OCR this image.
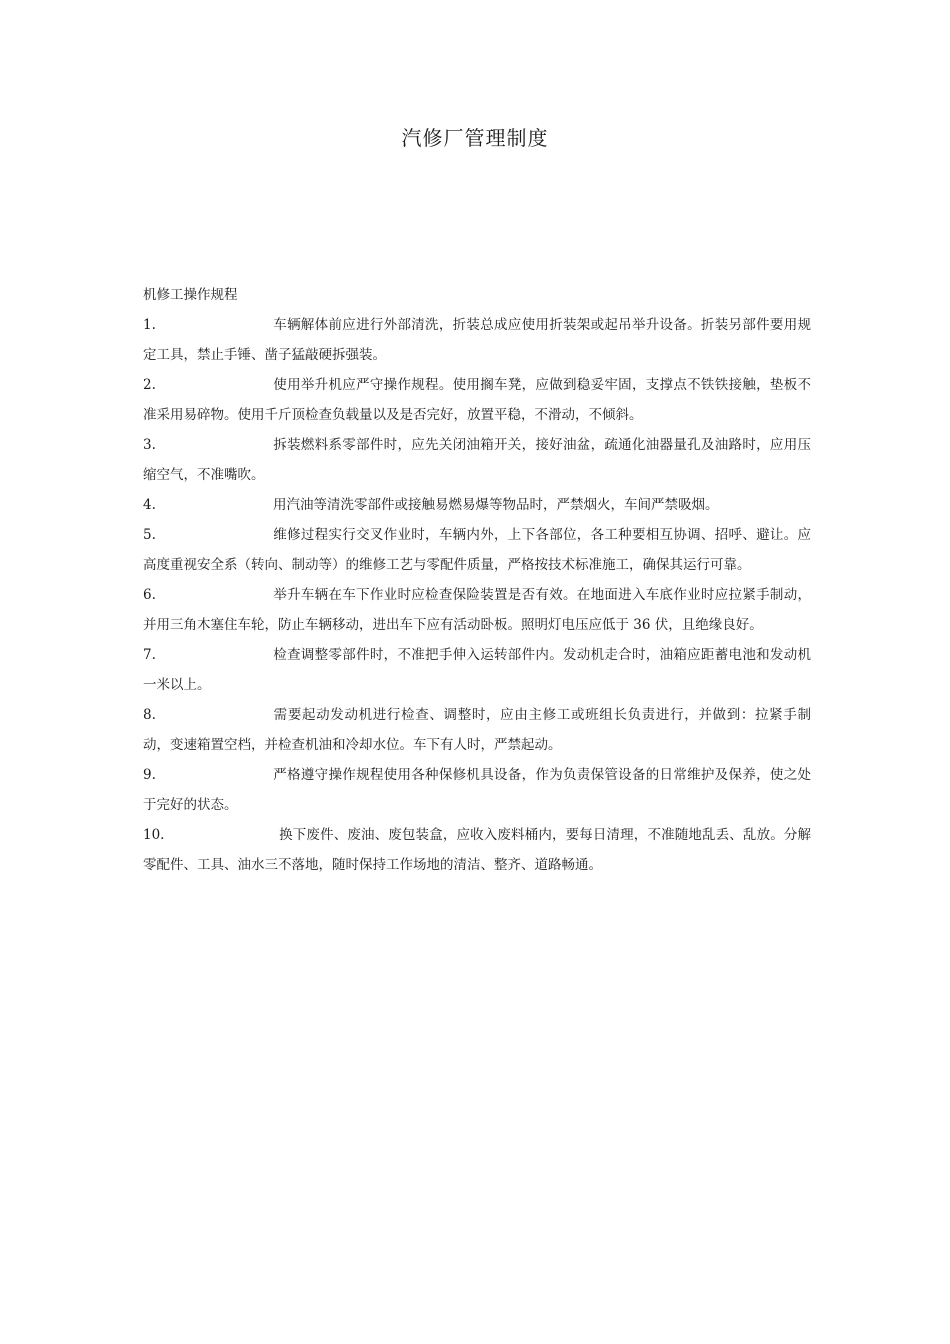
汽修厂管理制度

机修工操作规程

1.	车辆解体前应进行外部清洗，折装总成应使用折装架或起吊举升设备。折装另部件要用规定工具，禁止手锤、凿子猛敲硬拆强装。

2.	使用举升机应严守操作规程。使用搁车凳，应做到稳妥牢固，支撑点不铁铁接触，垫板不准采用易碎物。使用千斤顶检查负载量以及是否完好，放置平稳，不滑动，不倾斜。

3.	拆装燃料系零部件时，应先关闭油箱开关，接好油盆，疏通化油器量孔及油路时，应用压缩空气，不准嘴吹。

4.	用汽油等清洗零部件或接触易燃易爆等物品时，严禁烟火，车间严禁吸烟。

5.	维修过程实行交叉作业时，车辆内外，上下各部位，各工种要相互协调、招呼、避让。应高度重视安全系（转向、制动等）的维修工艺与零配件质量，严格按技术标准施工，确保其运行可靠。

6.	举升车辆在车下作业时应检查保险装置是否有效。在地面进入车底作业时应拉紧手制动，并用三角木塞住车轮，防止车辆移动，进出车下应有活动卧板。照明灯电压应低于 36 伏，且绝缘良好。

7.	检查调整零部件时，不准把手伸入运转部件内。发动机走合时，油箱应距蓄电池和发动机一米以上。

8.	需要起动发动机进行检查、调整时，应由主修工或班组长负责进行，并做到：拉紧手制动，变速箱置空档，并检查机油和冷却水位。车下有人时，严禁起动。

9.	严格遵守操作规程使用各种保修机具设备，作为负责保管设备的日常维护及保养，使之处于完好的状态。

10.	换下废件、废油、废包装盒，应收入废料桶内，要每日清理，不准随地乱丢、乱放。分解零配件、工具、油水三不落地，随时保持工作场地的清洁、整齐、道路畅通。
